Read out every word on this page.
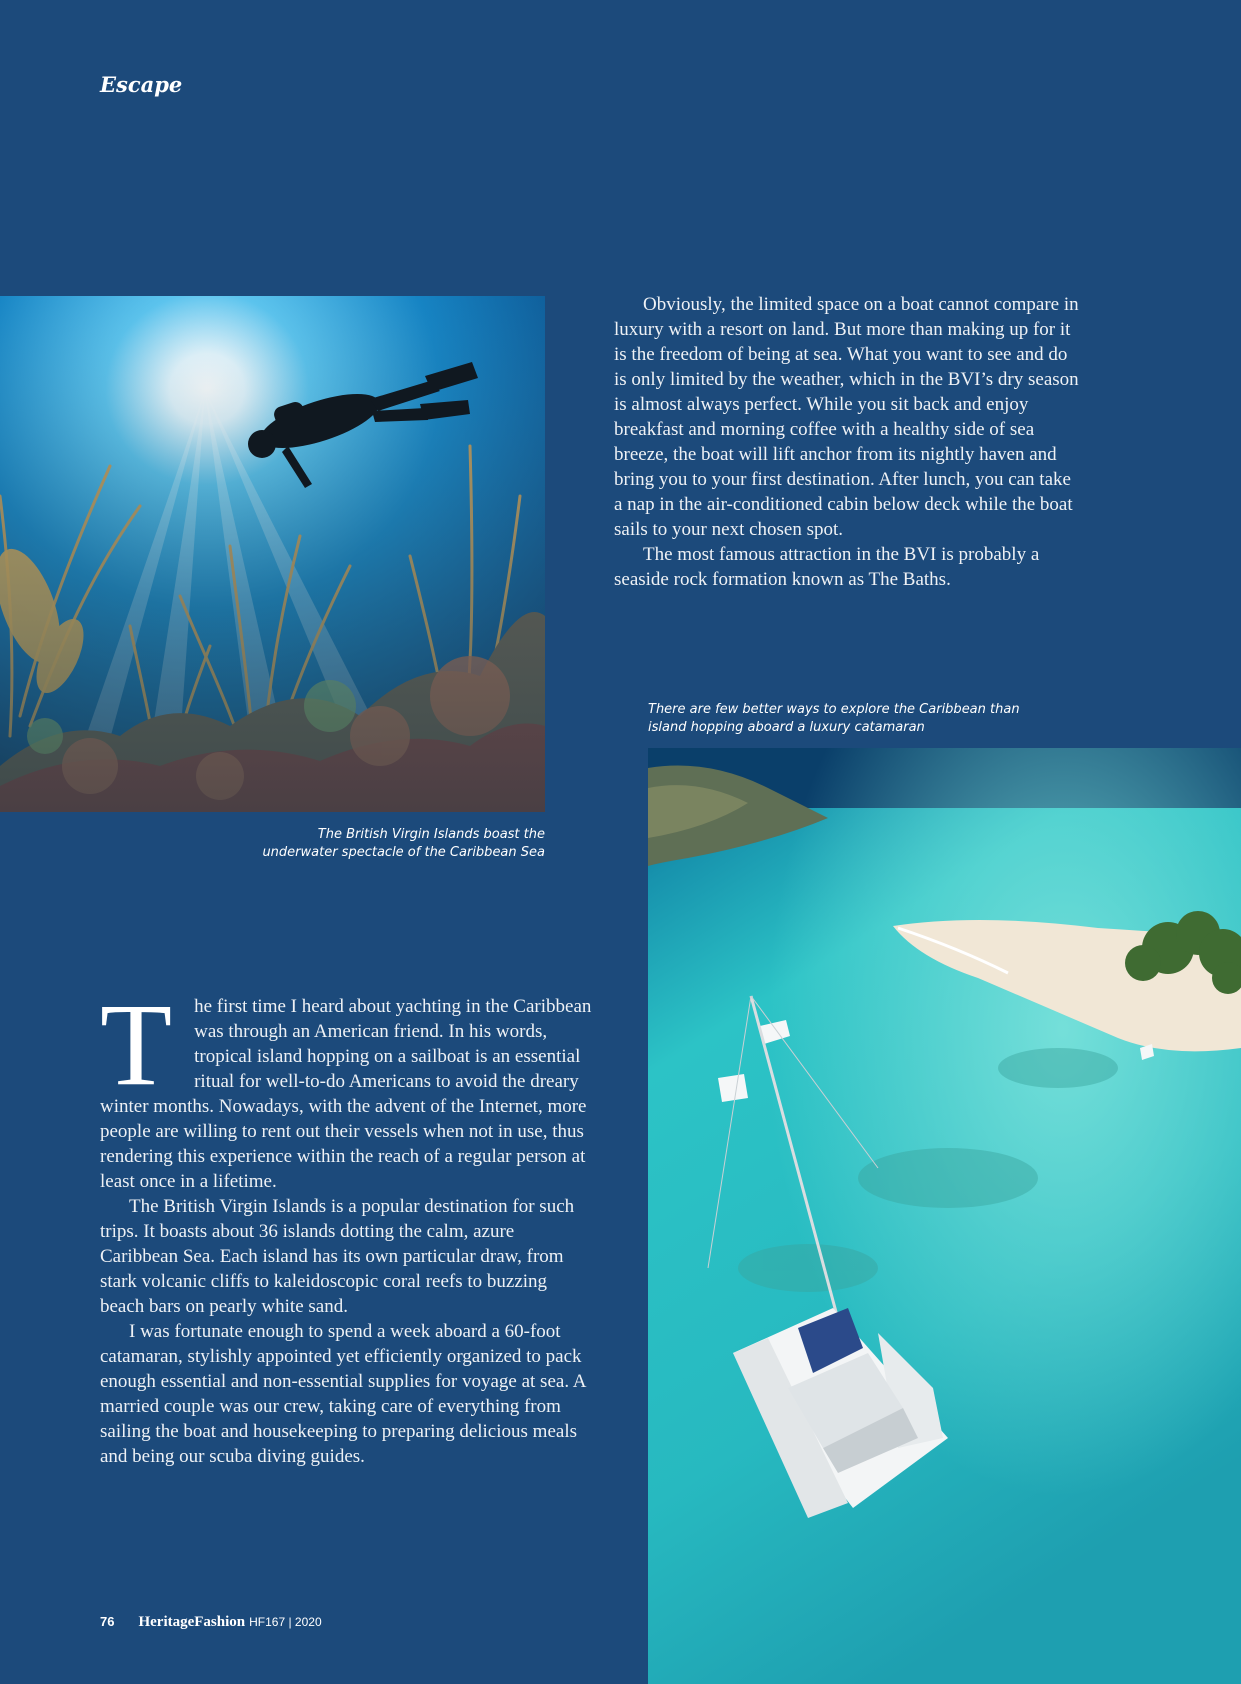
Escape
The British Virgin Islands boast the
underwater spectacle of the Caribbean Sea

Obviously, the limited space on a boat cannot compare in luxury with a resort on land. But more than making up for it is the freedom of being at sea. What you want to see and do is only limited by the weather, which in the BVI’s dry season is almost always perfect. While you sit back and enjoy breakfast and morning coffee with a healthy side of sea breeze, the boat will lift anchor from its nightly haven and bring you to your first destination. After lunch, you can take a nap in the air-conditioned cabin below deck while the boat sails to your next chosen spot.

The most famous attraction in the BVI is probably a seaside rock formation known as The Baths.

There are few better ways to explore the Caribbean than
island hopping aboard a luxury catamaran
T	he first time I heard about yachting in the Caribbean was through an American friend. In his words, tropical island hopping on a sailboat is an essential ritual for well-to-do Americans to avoid the dreary winter months. Nowadays, with the advent of the Internet, more people are willing to rent out their vessels when not in use, thus rendering this experience within the reach of a regular person at least once in a lifetime.

The British Virgin Islands is a popular destination for such trips. It boasts about 36 islands dotting the calm, azure Caribbean Sea. Each island has its own particular draw, from stark volcanic cliffs to kaleidoscopic coral reefs to buzzing beach bars on pearly white sand.

I was fortunate enough to spend a week aboard a 60-foot catamaran, stylishly appointed yet efficiently organized to pack enough essential and non-essential supplies for voyage at sea. A married couple was our crew, taking care of everything from sailing the boat and housekeeping to preparing delicious meals and being our scuba diving guides.

76 HeritageFashion HF167 | 2020
